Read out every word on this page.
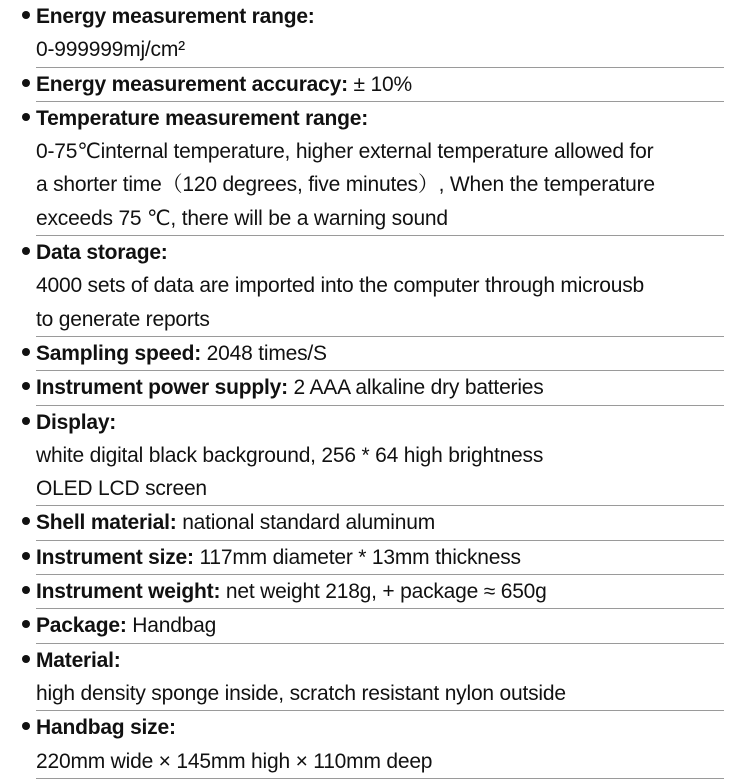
Energy measurement range:
0-999999mj/cm²
Energy measurement accuracy: ± 10%
Temperature measurement range:
0-75℃internal temperature, higher external temperature allowed for
a shorter time（120 degrees, five minutes）, When the temperature
exceeds 75 ℃, there will be a warning sound
Data storage:
4000 sets of data are imported into the computer through microusb
to generate reports
Sampling speed: 2048 times/S
Instrument power supply: 2 AAA alkaline dry batteries
Display:
white digital black background, 256 * 64 high brightness
OLED LCD screen
Shell material: national standard aluminum
Instrument size: 117mm diameter * 13mm thickness
Instrument weight: net weight 218g, + package ≈ 650g
Package: Handbag
Material:
high density sponge inside, scratch resistant nylon outside
Handbag size:
220mm wide × 145mm high × 110mm deep
